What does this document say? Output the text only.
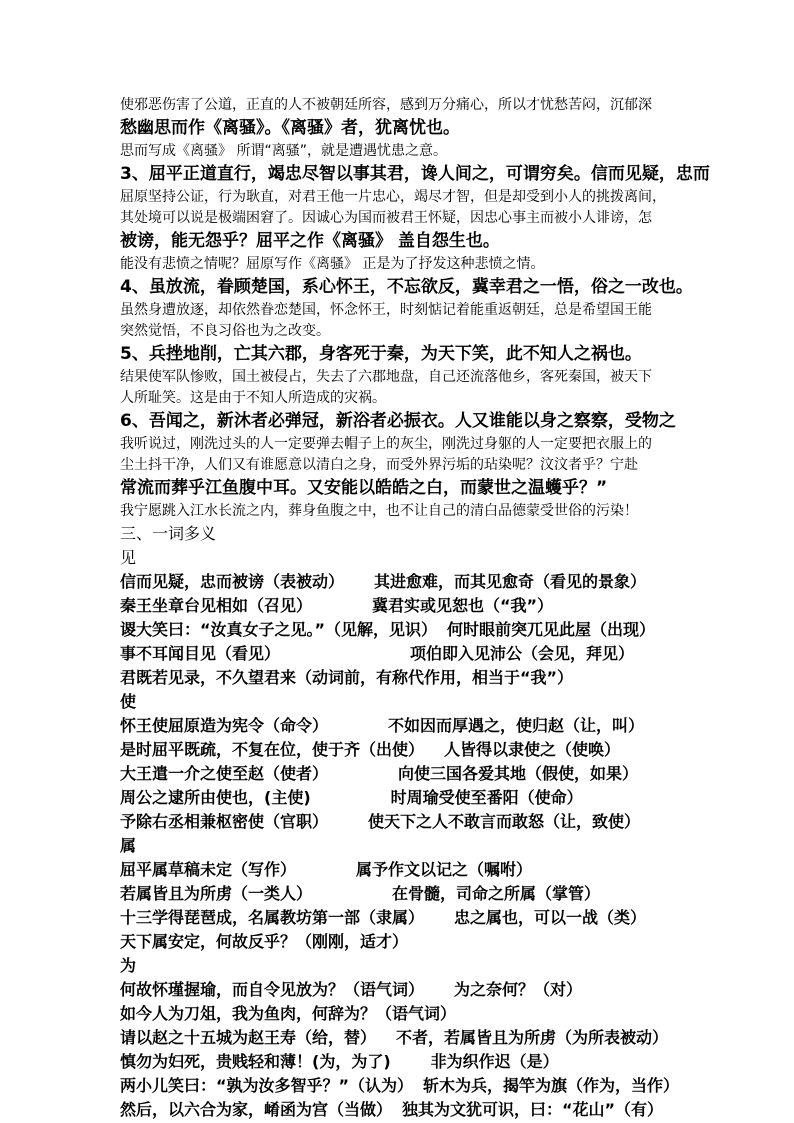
使邪恶伤害了公道，正直的人不被朝廷所容，感到万分痛心，所以才忧愁苦闷，沉郁深
愁幽思而作《离骚》。《离骚》者，犹离忧也。
思而写成《离骚》 所谓“离骚”，就是遭遇忧患之意。
3、屈平正道直行，竭忠尽智以事其君，谗人间之，可谓穷矣。信而见疑，忠而
屈原坚持公证，行为耿直，对君王他一片忠心，竭尽才智，但是却受到小人的挑拨离间，
其处境可以说是极端困窘了。因诚心为国而被君王怀疑，因忠心事主而被小人诽谤，怎
被谤，能无怨乎？屈平之作《离骚》 盖自怨生也。
能没有悲愤之情呢？屈原写作《离骚》 正是为了抒发这种悲愤之情。
4、虽放流，眷顾楚国，系心怀王，不忘欲反，冀幸君之一悟，俗之一改也。
虽然身遭放逐，却依然眷恋楚国，怀念怀王，时刻惦记着能重返朝廷，总是希望国王能
突然觉悟，不良习俗也为之改变。
5、兵挫地削，亡其六郡，身客死于秦，为天下笑，此不知人之祸也。
结果使军队惨败，国土被侵占，失去了六郡地盘，自己还流落他乡，客死秦国，被天下
人所耻笑。这是由于不知人所造成的灾祸。
6、吾闻之，新沐者必弹冠，新浴者必振衣。人又谁能以身之察察，受物之
我听说过，刚洗过头的人一定要弹去帽子上的灰尘，刚洗过身躯的人一定要把衣服上的
尘土抖干净，人们又有谁愿意以清白之身，而受外界污垢的玷染呢？汶汶者乎？宁赴
常流而葬乎江鱼腹中耳。又安能以皓皓之白，而蒙世之温蠖乎？”
我宁愿跳入江水长流之内，葬身鱼腹之中，也不让自己的清白品德蒙受世俗的污染！
三、一词多义
见
信而见疑，忠而被谤（表被动） 其进愈难，而其见愈奇（看见的景象）
秦王坐章台见相如（召见）	冀君实或见恕也（“我”）
谡大笑曰：“汝真女子之见。”（见解，见识） 何时眼前突兀见此屋（出现）
事不耳闻目见（看见）	项伯即入见沛公（会见，拜见）
君既若见录，不久望君来（动词前，有称代作用，相当于“我”）
使
怀王使屈原造为宪令（命令）	不如因而厚遇之，使归赵（让，叫）
是时屈平既疏，不复在位，使于齐（出使） 人皆得以隶使之（使唤）
大王遣一介之使至赵（使者）	向使三国各爱其地（假使，如果）
周公之逮所由使也，(主使)	时周瑜受使至番阳（使命）
予除右丞相兼枢密使（官职）	使天下之人不敢言而敢怒（让，致使）
属
屈平属草稿未定（写作）	属予作文以记之（嘱咐）
若属皆且为所虏（一类人）	在骨髓，司命之所属（掌管）
十三学得琵琶成，名属教坊第一部（隶属） 忠之属也，可以一战（类）
天下属安定，何故反乎？（刚刚，适才）
为
何故怀瑾握瑜，而自令见放为？（语气词） 为之奈何？（对）
如今人为刀俎，我为鱼肉，何辞为？（语气词）
请以赵之十五城为赵王寿（给，替） 不者，若属皆且为所虏（为所表被动）
慎勿为妇死，贵贱轻和薄！(为，为了)	非为织作迟（是）
两小儿笑曰：“孰为汝多智乎？”（认为） 斩木为兵，揭竿为旗（作为，当作）
然后，以六合为家，崤函为宫（当做） 独其为文犹可识，曰：“花山”（有）
